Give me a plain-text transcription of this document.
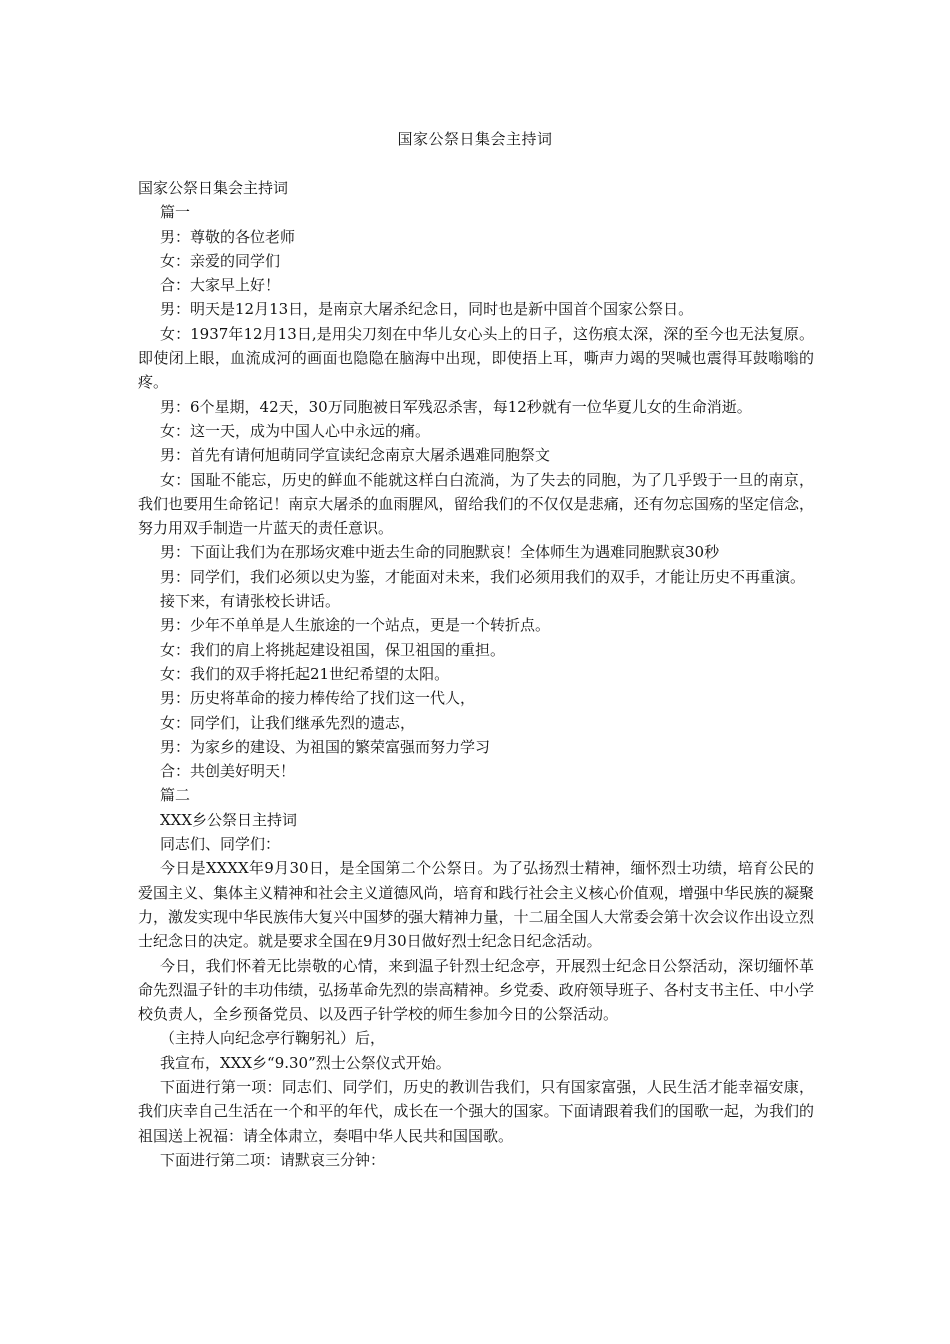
国家公祭日集会主持词

国家公祭日集会主持词

篇一

男：尊敬的各位老师

女：亲爱的同学们

合：大家早上好！

男：明天是12月13日，是南京大屠杀纪念日，同时也是新中国首个国家公祭日。

女：1937年12月13日,是用尖刀刻在中华儿女心头上的日子，这伤痕太深，深的至今也无法复原。即使闭上眼，血流成河的画面也隐隐在脑海中出现，即使捂上耳，嘶声力竭的哭喊也震得耳鼓嗡嗡的疼。

男：6个星期，42天，30万同胞被日军残忍杀害，每12秒就有一位华夏儿女的生命消逝。

女：这一天，成为中国人心中永远的痛。

男：首先有请何旭萌同学宣读纪念南京大屠杀遇难同胞祭文

女：国耻不能忘，历史的鲜血不能就这样白白流淌，为了失去的同胞，为了几乎毁于一旦的南京，我们也要用生命铭记！南京大屠杀的血雨腥风，留给我们的不仅仅是悲痛，还有勿忘国殇的坚定信念，努力用双手制造一片蓝天的责任意识。

男：下面让我们为在那场灾难中逝去生命的同胞默哀！全体师生为遇难同胞默哀30秒

男：同学们，我们必须以史为鉴，才能面对未来，我们必须用我们的双手，才能让历史不再重演。

接下来，有请张校长讲话。

男：少年不单单是人生旅途的一个站点，更是一个转折点。

女：我们的肩上将挑起建设祖国，保卫祖国的重担。

女：我们的双手将托起21世纪希望的太阳。

男：历史将革命的接力棒传给了找们这一代人，

女：同学们，让我们继承先烈的遗志，

男：为家乡的建设、为祖国的繁荣富强而努力学习

合：共创美好明天！

篇二

XXX乡公祭日主持词

同志们、同学们：

今日是XXXX年9月30日，是全国第二个公祭日。为了弘扬烈士精神，缅怀烈士功绩，培育公民的爱国主义、集体主义精神和社会主义道德风尚，培育和践行社会主义核心价值观，增强中华民族的凝聚力，激发实现中华民族伟大复兴中国梦的强大精神力量，十二届全国人大常委会第十次会议作出设立烈士纪念日的决定。就是要求全国在9月30日做好烈士纪念日纪念活动。

今日，我们怀着无比崇敬的心情，来到温子针烈士纪念亭，开展烈士纪念日公祭活动，深切缅怀革命先烈温子针的丰功伟绩，弘扬革命先烈的崇高精神。乡党委、政府领导班子、各村支书主任、中小学校负责人，全乡预备党员、以及西子针学校的师生参加今日的公祭活动。

（主持人向纪念亭行鞠躬礼）后，

我宣布，XXX乡“9.30”烈士公祭仪式开始。

下面进行第一项：同志们、同学们，历史的教训告我们，只有国家富强，人民生活才能幸福安康，我们庆幸自己生活在一个和平的年代，成长在一个强大的国家。下面请跟着我们的国歌一起，为我们的祖国送上祝福：请全体肃立，奏唱中华人民共和国国歌。

下面进行第二项：请默哀三分钟：
